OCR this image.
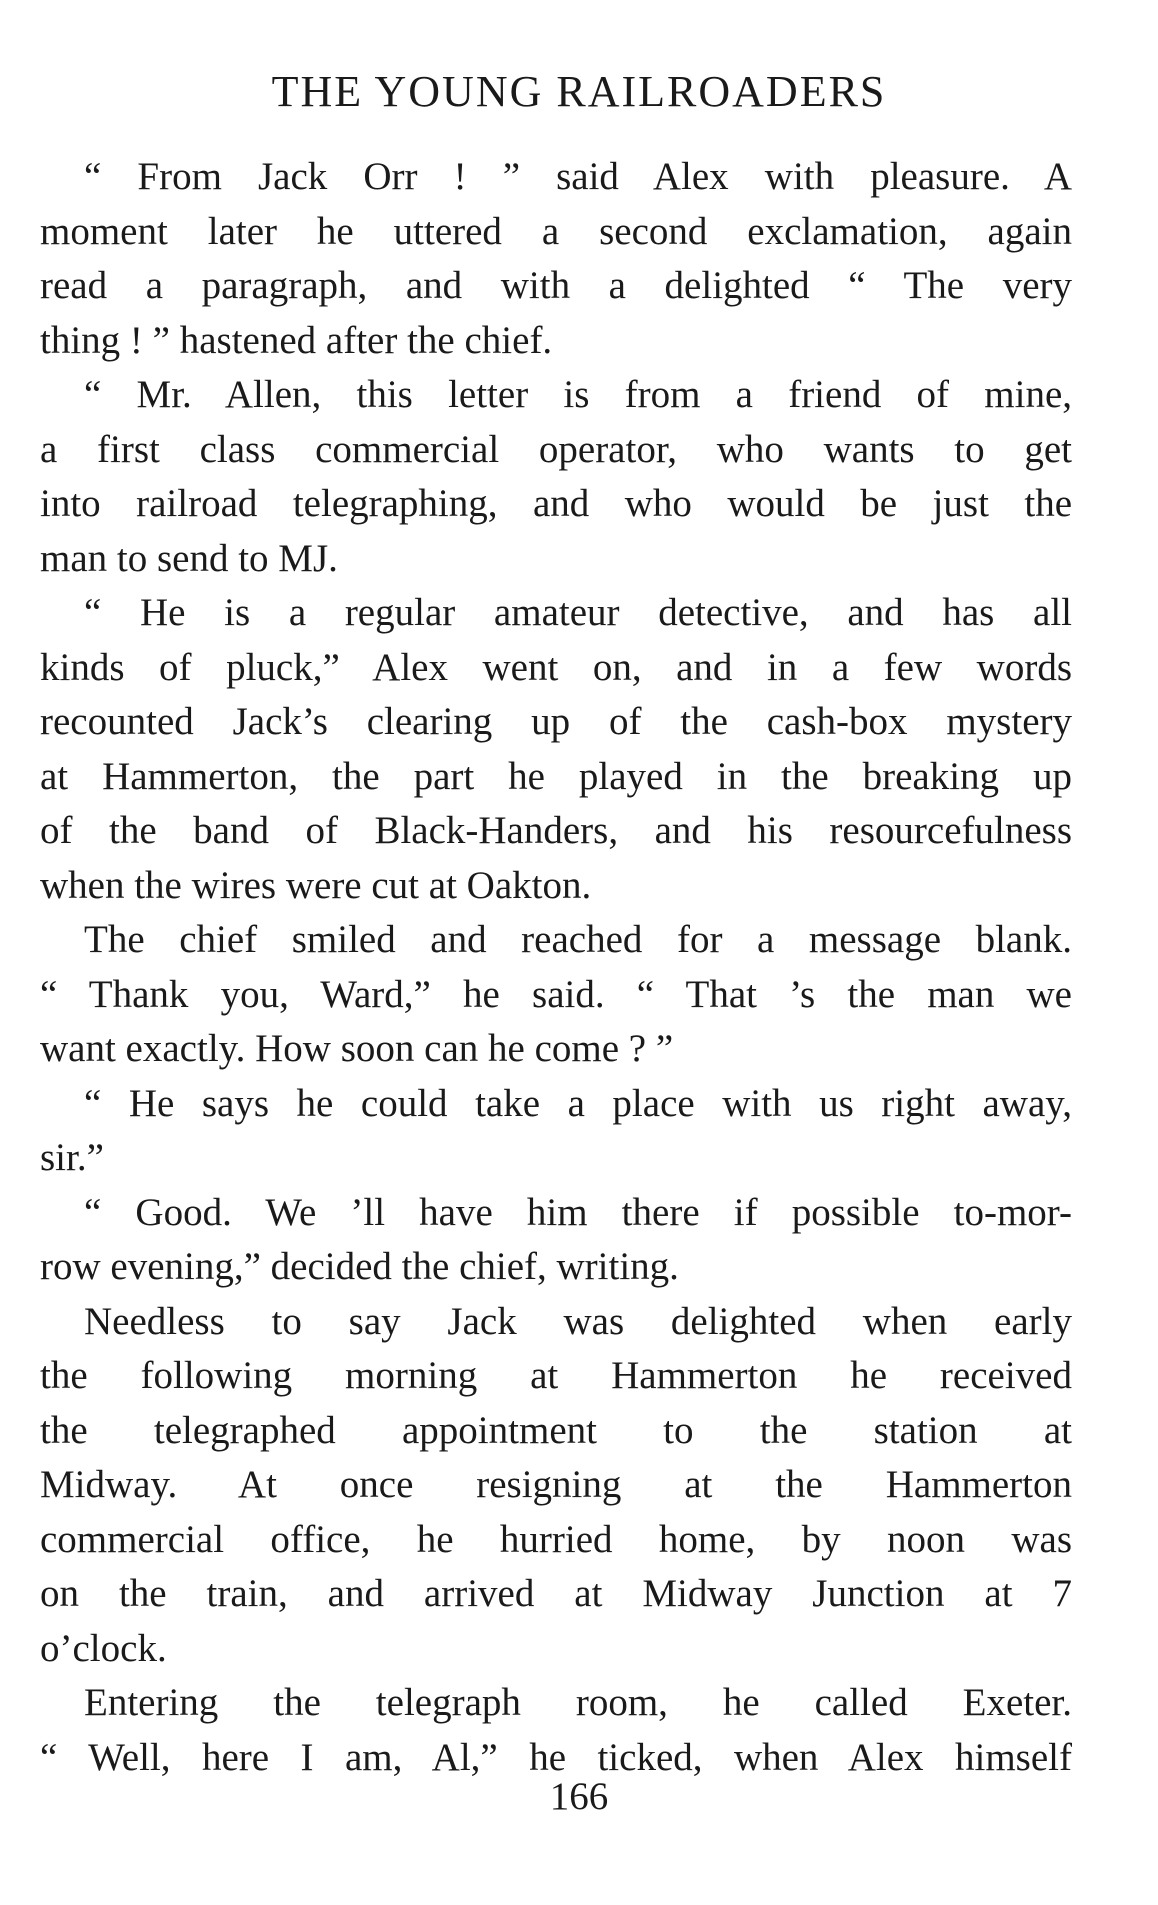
THE YOUNG RAILROADERS
“ From Jack Orr ! ” said Alex with pleasure. A
moment later he uttered a second exclamation, again
read a paragraph, and with a delighted “ The very
thing ! ” hastened after the chief.
“ Mr. Allen, this letter is from a friend of mine,
a first class commercial operator, who wants to get
into railroad telegraphing, and who would be just the
man to send to MJ.
“ He is a regular amateur detective, and has all
kinds of pluck,” Alex went on, and in a few words
recounted Jack’s clearing up of the cash-box mystery
at Hammerton, the part he played in the breaking up
of the band of Black-Handers, and his resourcefulness
when the wires were cut at Oakton.
The chief smiled and reached for a message blank.
“ Thank you, Ward,” he said. “ That ’s the man we
want exactly. How soon can he come ? ”
“ He says he could take a place with us right away,
sir.”
“ Good. We ’ll have him there if possible to-mor-
row evening,” decided the chief, writing.
Needless to say Jack was delighted when early
the following morning at Hammerton he received
the telegraphed appointment to the station at
Midway. At once resigning at the Hammerton
commercial office, he hurried home, by noon was
on the train, and arrived at Midway Junction at 7
o’clock.
Entering the telegraph room, he called Exeter.
“ Well, here I am, Al,” he ticked, when Alex himself
166
